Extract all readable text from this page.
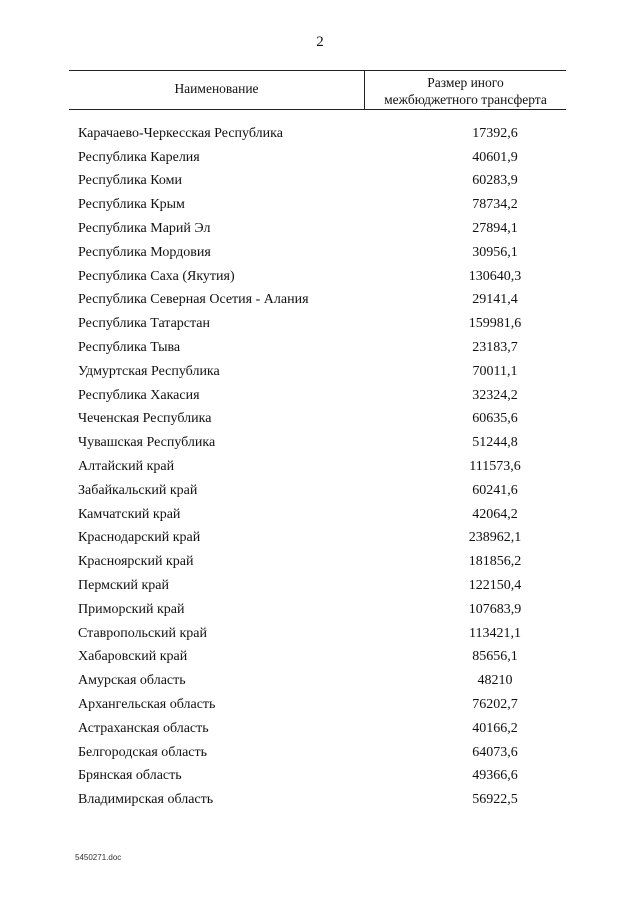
2
Наименование	Размер иного
межбюджетного трансферта
Карачаево-Черкесская Республика	17392,6
Республика Карелия	40601,9
Республика Коми	60283,9
Республика Крым	78734,2
Республика Марий Эл	27894,1
Республика Мордовия	30956,1
Республика Саха (Якутия)	130640,3
Республика Северная Осетия - Алания	29141,4
Республика Татарстан	159981,6
Республика Тыва	23183,7
Удмуртская Республика	70011,1
Республика Хакасия	32324,2
Чеченская Республика	60635,6
Чувашская Республика	51244,8
Алтайский край	111573,6
Забайкальский край	60241,6
Камчатский край	42064,2
Краснодарский край	238962,1
Красноярский край	181856,2
Пермский край	122150,4
Приморский край	107683,9
Ставропольский край	113421,1
Хабаровский край	85656,1
Амурская область	48210
Архангельская область	76202,7
Астраханская область	40166,2
Белгородская область	64073,6
Брянская область	49366,6
Владимирская область	56922,5
5450271.doc
